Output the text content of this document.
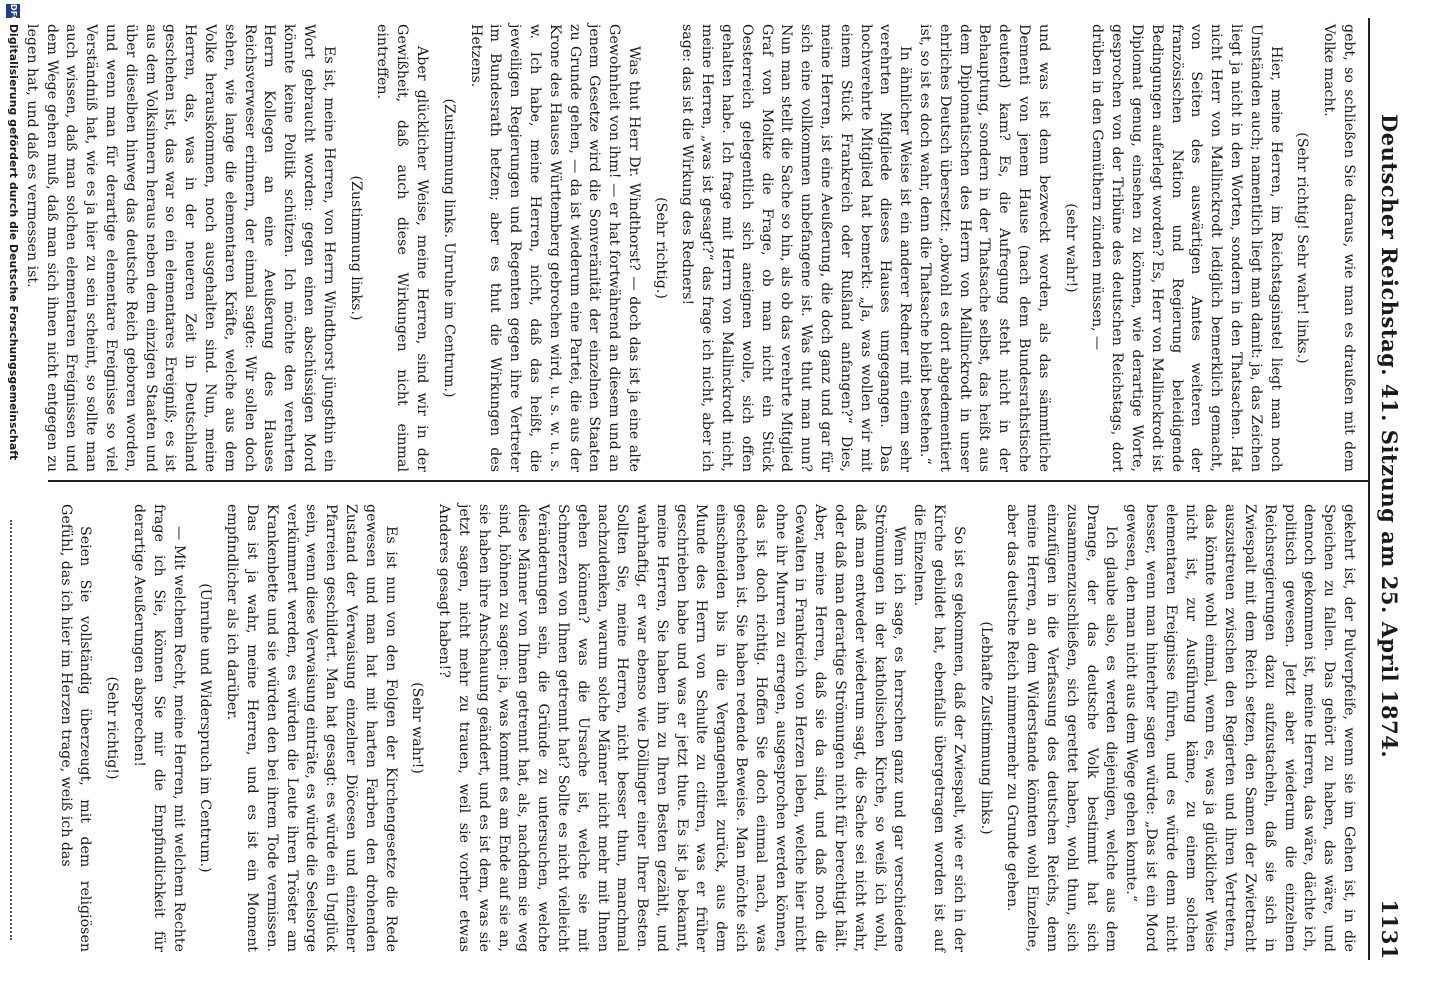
Deutscher Reichstag. 41. Sitzung am 25. April 1874.
1131

gebt, so schließen Sie daraus, wie man es draußen mit dem Volke macht.

(Sehr richtig! Sehr wahr! links.)

Hier, meine Herren, im Reichstagsinstel liegt man noch Umständen auch; namentlich liegt man damit: ja, das Zeichen liegt ja nicht in den Worten, sondern in den Thatsachen. Hat nicht Herr von Mallinckrodt lediglich bemerklich gemacht, von Seiten des auswärtigen Amtes weiteren der französischen Nation und Regierung beleidigende Bedingungen auferlegt worden? Es, Herr von Mallinckrodt ist Diplomat genug, einsehen zu können, wie derartige Worte, gesprochen von der Tribüne des deutschen Reichstags, dort drüben in den Gemüthern zünden müssen, —

(sehr wahr!)

und was ist denn bezweckt worden, als das sämmtliche Dementi von jenem Hause (nach dem Bundesrathstische deutend) kam? Es, die Aufregung steht nicht in der Behauptung, sondern in der Thatsache selbst, das heißt aus dem Diplomatischen des Herrn von Mallinckrodt in unser ehrliches Deutsch übersetzt: „obwohl es dort abgedementiert ist, so ist es doch wahr, denn die Thatsache bleibt bestehen.“

In ähnlicher Weise ist ein anderer Redner mit einem sehr verehrten Mitgliede dieses Hauses umgegangen. Das hochverehrte Mitglied hat bemerkt: „Ja, was wollen wir mit einem Stück Frankreich oder Rußland anfangen?“ Dies, meine Herren, ist eine Aeußerung, die doch ganz und gar für sich eine vollkommen unbefangene ist. Was thut man nun? Nun man stellt die Sache so hin, als ob das verehrte Mitglied Graf von Moltke die Frage, ob man nicht ein Stück Oesterreich gelegentlich sich aneignen wolle, sich offen gehalten habe. Ich frage mit Herrn von Mallinckrodt nicht, meine Herren, „was ist gesagt?“ das frage ich nicht, aber ich sage: das ist die Wirkung des Redners!

(Sehr richtig.)

Was thut Herr Dr. Windthorst? — doch das ist ja eine alte Gewohnheit von ihm! — er hat fortwährend an diesem und an jenem Gesetze wird die Sonveränität der einzelnen Staaten zu Grunde gehen, — da ist wiederum eine Partei, die aus der Krone des Hauses Württemberg gebrochen wird, u. s. w. u. s. w. Ich habe, meine Herren, nicht, daß das heißt, die jeweiligen Regierungen und Regenten gegen ihre Vertreter im Bundesrath hetzen; aber es thut die Wirkungen des Hetzens.

(Zustimmung links. Unruhe im Centrum.)

Aber glücklicher Weise, meine Herren, sind wir in der Gewißheit, daß auch diese Wirkungen nicht einmal eintreffen.

(Zustimmung links.)

Es ist, meine Herren, von Herrn Windthorst jüngsthin ein Wort gebraucht worden: gegen einen abschüssigen Mord könnte keine Politik schützen. Ich möchte den verehrten Herrn Kollegen an eine Aeußerung des Hauses Reichsverweser erinnern, der einmal sagte: Wir sollen doch sehen, wie lange die elementaren Kräfte, welche aus dem Volke herauskommen, noch ausgehalten sind. Nun, meine Herren, das, was in der neueren Zeit in Deutschland geschehen ist, das war so ein elementares Ereigniß; es ist aus dem Volksinnern heraus neben dem einzigen Staaten und über dieselben hinweg das deutsche Reich geboren worden, und wenn man für derartige elementare Ereignisse so viel Verständniß hat, wie es ja hier zu sein scheint, so sollte man auch wissen, daß man solchen elementaren Ereignissen und dem Wege gehen muß, daß man sich ihnen nicht entgegen zu legen hat, und daß es vermessen ist.

gekehrt ist, der Pulverpfeife, wenn sie im Gehen ist, in die Speichen zu fallen. Das gehört zu haben, das wäre, und dennoch gekommen ist, meine Herren, das wäre, dächte ich, politisch gewesen. Jetzt aber wiederum die einzelnen Reichsregierungen dazu aufzustacheln, daß sie sich in Zwiespalt mit dem Reich setzen, den Samen der Zwietracht auszustreuen zwischen den Regierten und ihren Vertretern, das könnte wohl einmal, wenn es, was ja glücklicher Weise nicht ist, zur Ausführung käme, zu einem solchen elementaren Ereignisse führen, und es würde denn nicht besser, wenn man hinterher sagen würde: „Das ist ein Mord gewesen, den man nicht aus dem Wege gehen konnte.“

Ich glaube also, es werden diejenigen, welche aus dem Drange, der das deutsche Volk bestimmt hat sich zusammenzuschließen, sich gerettet haben, wohl thun, sich einzufügen in die Verfassung des deutschen Reichs, denn meine Herren, an dem Widerstande könnten wohl Einzelne, aber das deutsche Reich nimmermehr zu Grunde gehen.

(Lebhafte Zustimmung links.)

So ist es gekommen, daß der Zwiespalt, wie er sich in der Kirche gebildet hat, ebenfalls übergetragen worden ist auf die Einzelnen.

Wenn ich sage, es herrschen ganz und gar verschiedene Strömungen in der katholischen Kirche, so weiß ich wohl, daß man entweder wiederum sagt, die Sache sei nicht wahr, oder daß man derartige Strömungen nicht für berechtigt hält. Aber, meine Herren, daß sie da sind, und daß noch die Gewalten in Frankreich von Herzen leben, welche hier nicht ohne ihr Murren zu erregen, ausgesprochen werden können, das ist doch richtig. Hoffen Sie doch einmal nach, was geschehen ist. Sie haben redende Beweise. Man möchte sich einschneiden bis in die Vergangenheit zurück, aus dem Munde des Herrn von Schulte zu citiren, was er früher geschrieben habe und was er jetzt thue. Es ist ja bekannt, meine Herren, Sie haben ihn zu Ihren Besten gezählt, und wahrhaftig, er war ebenso wie Döllinger einer Ihrer Besten. Sollten Sie, meine Herren, nicht besser thun, manchmal nachzudenken, warum solche Männer nicht mehr mit Ihnen gehen können? was die Ursache ist, welche sie mit Schmerzen von Ihnen getrennt hat? Sollte es nicht vielleicht Veränderungen sein, die Gründe zu untersuchen, welche diese Männer von Ihnen getrennt hat, als, nachdem sie weg sind, höhnen zu sagen: ja, was kommt es am Ende auf sie an, sie haben ihre Anschauung geändert, und es ist dem, was sie jetzt sagen, nicht mehr zu trauen, weil sie vorher etwas Anderes gesagt haben!?

(Sehr wahr!)

Es ist nun von den Folgen der Kirchengesetze die Rede gewesen und man hat mit harten Farben den drohenden Zustand der Verwaisung einzelner Diöcesen und einzelner Pfarreien geschildert. Man hat gesagt: es würde ein Unglück sein, wenn diese Verwaisung einträte, es würde die Seelsorge verkümmert werden, es würden die Leute ihren Tröster am Krankenbette und sie würden den bei ihrem Tode vermissen. Das ist ja wahr, meine Herren, und es ist ein Moment empfindlicher als ich darüber.

(Unruhe und Widerspruch im Centrum.)

— Mit welchem Recht, meine Herren, mit welchem Rechte frage ich Sie, können Sie mir die Empfindlichkeit für derartige Aeußerungen absprechen!

(Sehr richtig!)

Seien Sie vollständig überzeugt, mit dem religiösen Gefühl, das ich hier im Herzen trage, weiß ich das

DFG
Digitalisierung gefördert durch die Deutsche Forschungsgemeinschaft
